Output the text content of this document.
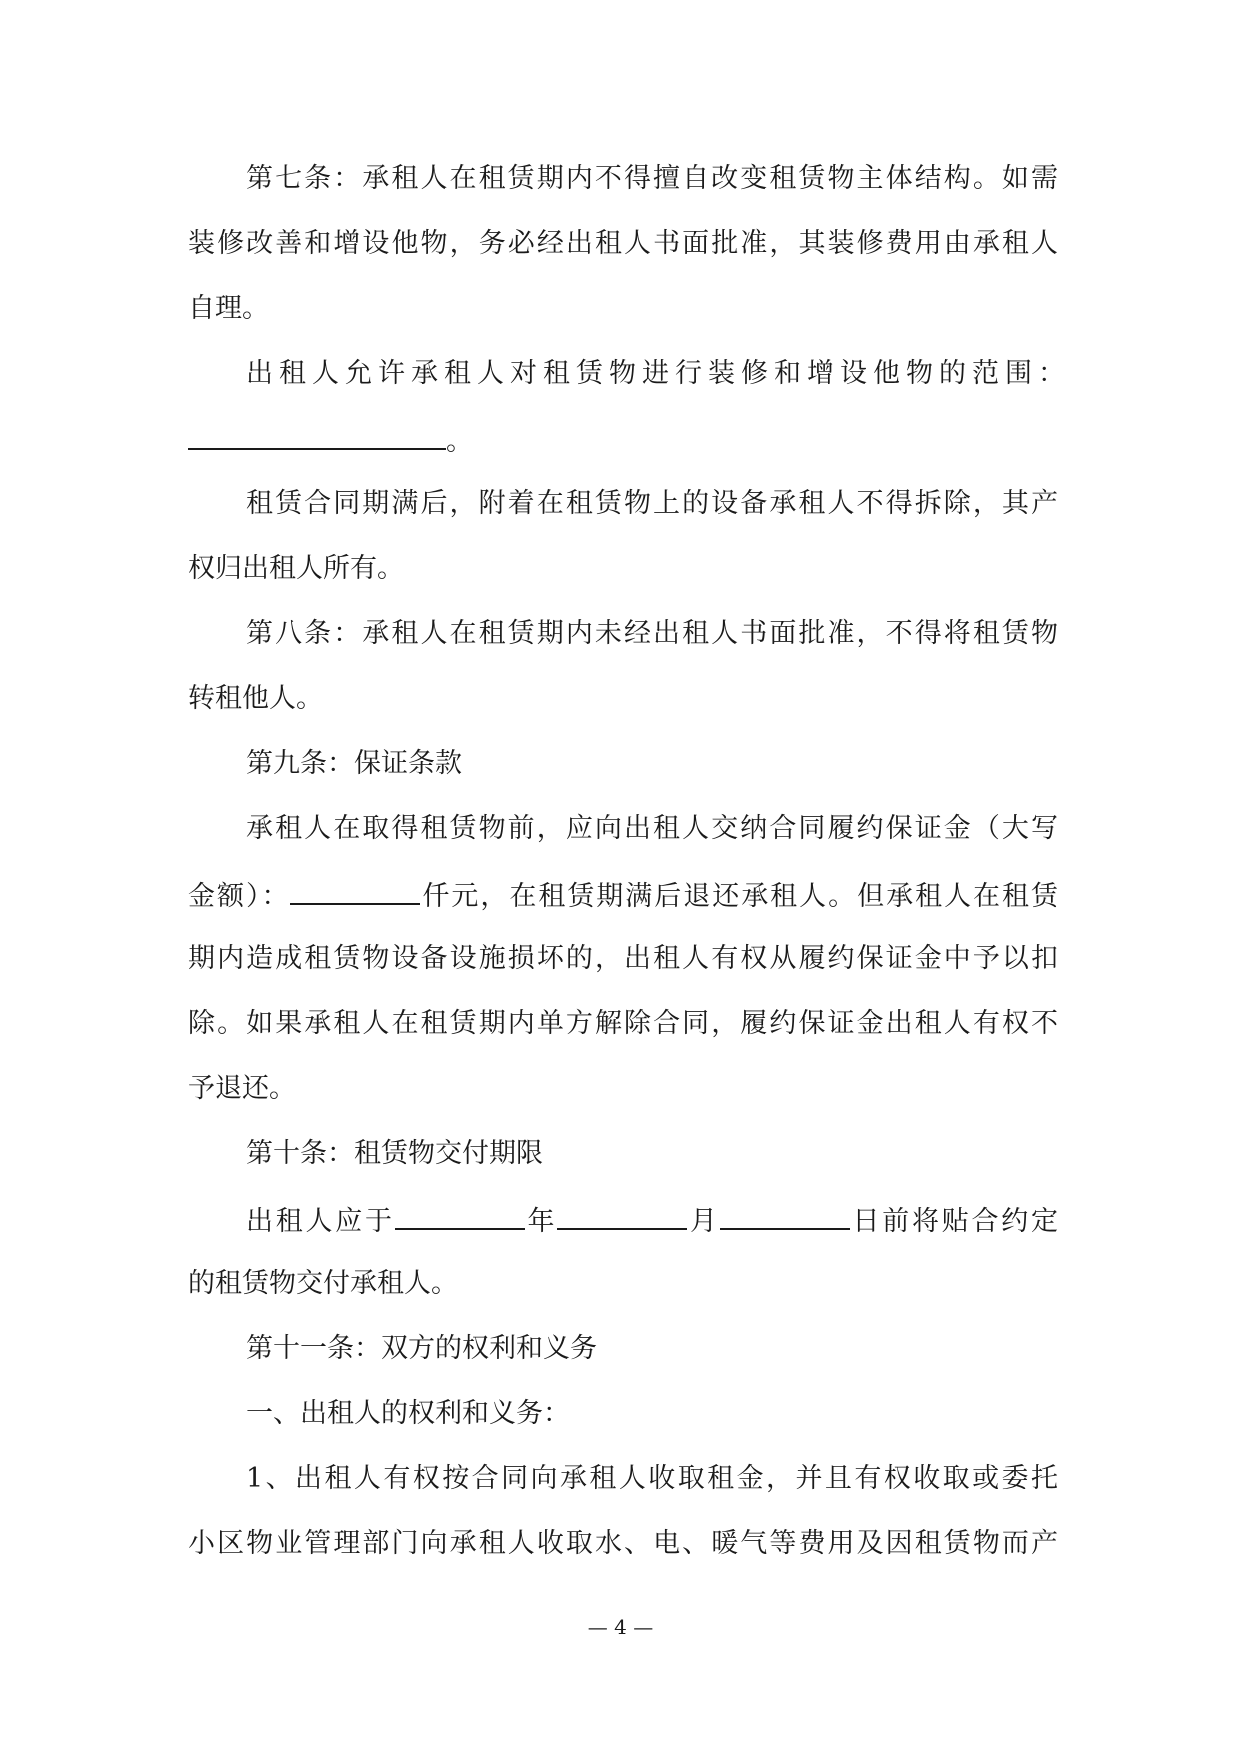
第七条：承租人在租赁期内不得擅自改变租赁物主体结构。如需
装修改善和增设他物，务必经出租人书面批准，其装修费用由承租人
自理。
出租人允许承租人对租赁物进行装修和增设他物的范围：
。
租赁合同期满后，附着在租赁物上的设备承租人不得拆除，其产
权归出租人所有。
第八条：承租人在租赁期内未经出租人书面批准，不得将租赁物
转租他人。
第九条：保证条款
承租人在取得租赁物前，应向出租人交纳合同履约保证金（大写
金额）：	仟元，在租赁期满后退还承租人。但承租人在租赁
期内造成租赁物设备设施损坏的，出租人有权从履约保证金中予以扣
除。如果承租人在租赁期内单方解除合同，履约保证金出租人有权不
予退还。
第十条：租赁物交付期限
出租人应于	年	月	日前将贴合约定
的租赁物交付承租人。
第十一条：双方的权利和义务
一、出租人的权利和义务：
1、出租人有权按合同向承租人收取租金，并且有权收取或委托
小区物业管理部门向承租人收取水、电、暖气等费用及因租赁物而产
— 4 —
